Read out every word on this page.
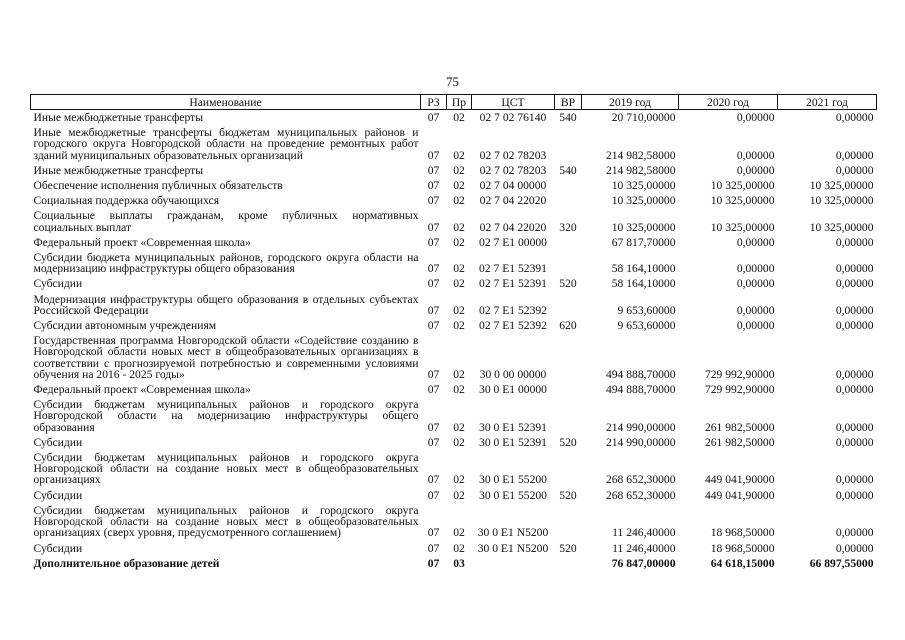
75
Наименование	РЗ	Пр	ЦСТ	ВР	2019 год	2020 год	2021 год
Иные межбюджетные трансферты	07	02	02 7 02 76140	540	20 710,00000	0,00000	0,00000
Иные межбюджетные трансферты бюджетам муниципальных районов и городского округа Новгородской области на проведение ремонтных работ зданий муниципальных образовательных организаций	07	02	02 7 02 78203		214 982,58000	0,00000	0,00000
Иные межбюджетные трансферты	07	02	02 7 02 78203	540	214 982,58000	0,00000	0,00000
Обеспечение исполнения публичных обязательств	07	02	02 7 04 00000		10 325,00000	10 325,00000	10 325,00000
Социальная поддержка обучающихся	07	02	02 7 04 22020		10 325,00000	10 325,00000	10 325,00000
Социальные выплаты гражданам, кроме публичных нормативных социальных выплат	07	02	02 7 04 22020	320	10 325,00000	10 325,00000	10 325,00000
Федеральный проект «Современная школа»	07	02	02 7 E1 00000		67 817,70000	0,00000	0,00000
Субсидии бюджета муниципальных районов, городского округа области на модернизацию инфраструктуры общего образования	07	02	02 7 E1 52391		58 164,10000	0,00000	0,00000
Субсидии	07	02	02 7 E1 52391	520	58 164,10000	0,00000	0,00000
Модернизация инфраструктуры общего образования в отдельных субъектах Российской Федерации	07	02	02 7 E1 52392		9 653,60000	0,00000	0,00000
Субсидии автономным учреждениям	07	02	02 7 E1 52392	620	9 653,60000	0,00000	0,00000
Государственная программа Новгородской области «Содействие созданию в Новгородской области новых мест в общеобразовательных организациях в соответствии с прогнозируемой потребностью и современными условиями обучения на 2016 - 2025 годы»	07	02	30 0 00 00000		494 888,70000	729 992,90000	0,00000
Федеральный проект «Современная школа»	07	02	30 0 E1 00000		494 888,70000	729 992,90000	0,00000
Субсидии бюджетам муниципальных районов и городского округа Новгородской области на модернизацию инфраструктуры общего образования	07	02	30 0 E1 52391		214 990,00000	261 982,50000	0,00000
Субсидии	07	02	30 0 E1 52391	520	214 990,00000	261 982,50000	0,00000
Субсидии бюджетам муниципальных районов и городского округа Новгородской области на создание новых мест в общеобразовательных организациях	07	02	30 0 E1 55200		268 652,30000	449 041,90000	0,00000
Субсидии	07	02	30 0 E1 55200	520	268 652,30000	449 041,90000	0,00000
Субсидии бюджетам муниципальных районов и городского округа Новгородской области на создание новых мест в общеобразовательных организациях (сверх уровня, предусмотренного соглашением)	07	02	30 0 E1 N5200		11 246,40000	18 968,50000	0,00000
Субсидии	07	02	30 0 E1 N5200	520	11 246,40000	18 968,50000	0,00000
Дополнительное образование детей	07	03			76 847,00000	64 618,15000	66 897,55000
